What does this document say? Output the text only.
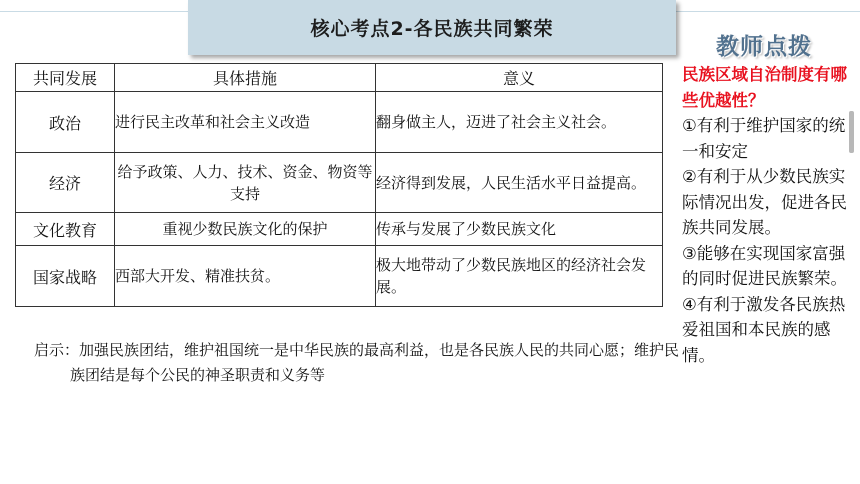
核心考点2-各民族共同繁荣
教师点拨
共同发展	具体措施	意义
政治	进行民主改革和社会主义改造	翻身做主人，迈进了社会主义社会。

经济	给予政策、人力、技术、资金、物资等支持	经济得到发展，人民生活水平日益提高。

文化教育	重视少数民族文化的保护	传承与发展了少数民族文化

国家战略	西部大开发、精准扶贫。	极大地带动了少数民族地区的经济社会发展。
启示：加强民族团结，维护祖国统一是中华民族的最高利益，也是各民族人民的共同心愿；维护民族团结是每个公民的神圣职责和义务等
民族区域自治制度有哪些优越性？
①有利于维护国家的统一和安定
②有利于从少数民族实际情况出发，促进各民族共同发展。
③能够在实现国家富强的同时促进民族繁荣。
④有利于激发各民族热爱祖国和本民族的感情。
